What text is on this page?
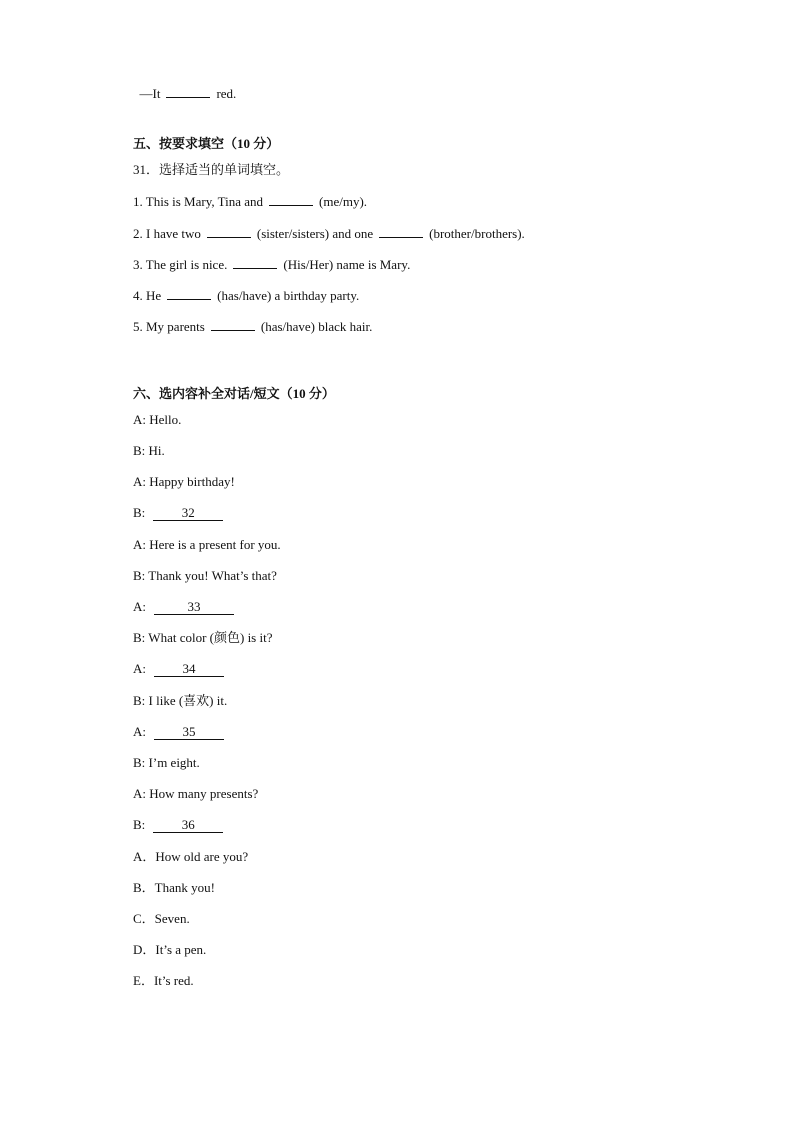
—It	red.

五、按要求填空（10 分）
31．选择适当的单词填空。
1. This is Mary, Tina and	(me/my).
2. I have two	(sister/sisters) and one	(brother/brothers).
3. The girl is nice.	(His/Her) name is Mary.
4. He	(has/have) a birthday party.
5. My parents	(has/have) black hair.
六、选内容补全对话/短文（10 分）
A: Hello.
B: Hi.
A: Happy birthday!
B:	32
A: Here is a present for you.
B: Thank you! What’s that?
A:	33
B: What color (颜色) is it?
A:	34
B: I like (喜欢) it.
A:	35
B: I’m eight.
A: How many presents?
B:	36
A．How old are you?
B．Thank you!
C．Seven.
D．It’s a pen.
E．It’s red.
